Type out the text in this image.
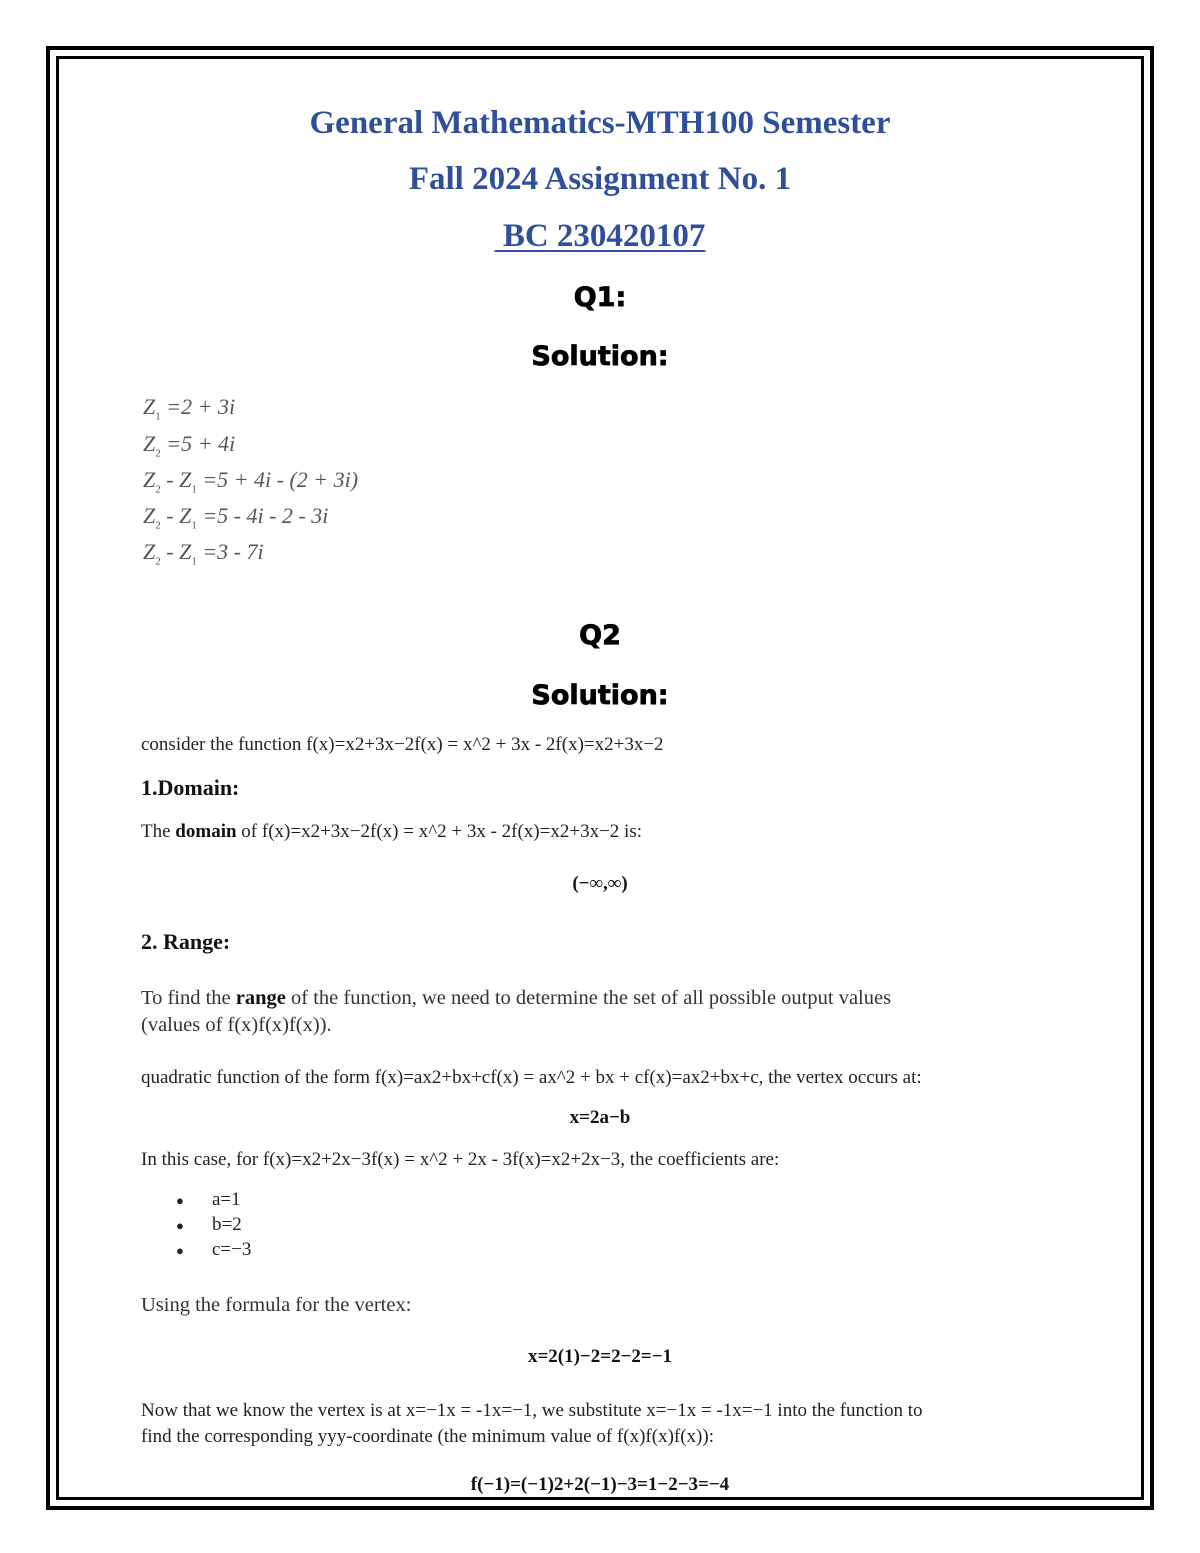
General Mathematics-MTH100 Semester
Fall 2024 Assignment No. 1
BC 230420107
Q1:
Solution:
$Z_1 =2 + 3i$
$Z_2 =5 + 4i$
$Z_2 - Z_1 =5 + 4i - (2 + 3i)$
$Z_2 - Z_1 =5 - 4i - 2 - 3i$
$Z_2 - Z_1 =3 - 7i$
Q2
Solution:
consider the function f(x)=x2+3x−2f(x) = x^2 + 3x - 2f(x)=x2+3x−2
1.Domain:
The domain of f(x)=x2+3x−2f(x) = x^2 + 3x - 2f(x)=x2+3x−2 is:
(−∞,∞)
2. Range:
To find the range of the function, we need to determine the set of all possible output values
(values of f(x)f(x)f(x)).
quadratic function of the form f(x)=ax2+bx+cf(x) = ax^2 + bx + cf(x)=ax2+bx+c, the vertex occurs at:
x=2a−b
In this case, for f(x)=x2+2x−3f(x) = x^2 + 2x - 3f(x)=x2+2x−3, the coefficients are:
● a=1
● b=2
● c=−3
Using the formula for the vertex:
x=2(1)−2=2−2=−1
Now that we know the vertex is at x=−1x = -1x=−1, we substitute x=−1x = -1x=−1 into the function to
find the corresponding yyy-coordinate (the minimum value of f(x)f(x)f(x)):
f(−1)=(−1)2+2(−1)−3=1−2−3=−4
